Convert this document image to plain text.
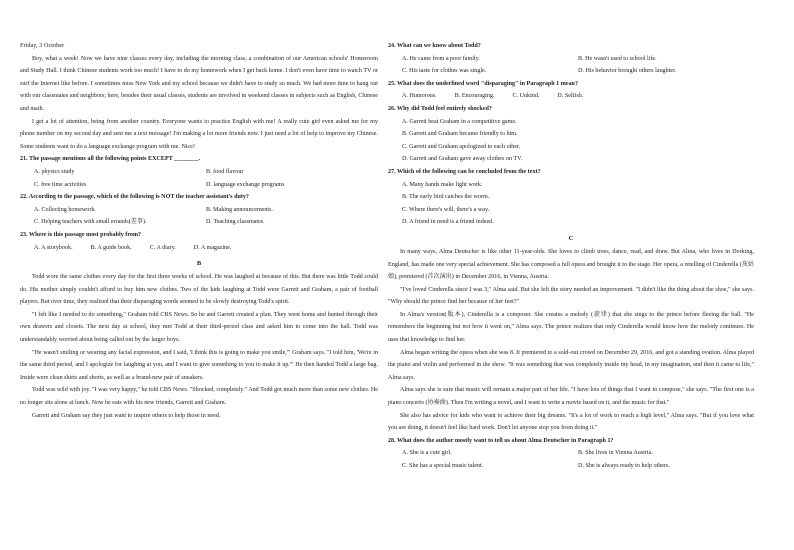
Friday, 3 October

Boy, what a week! Now we have nine classes every day, including the morning class, a combination of our American schools' Homeroom and Study Hall. I think Chinese students work too much! I have to do my homework when I get back home. I don't even have time to watch TV or surf the Internet like before. I sometimes miss New York and my school because we didn't have to study so much. We had more time to hang out with our classmates and neighbors; here, besides their usual classes, students are involved in weekend classes in subjects such as English, Chinese and math.

I get a lot of attention, being from another country. Everyone wants to practice English with me! A really cute girl even asked me for my phone number on my second day and sent me a text message! I'm making a lot more friends now. I just need a lot of help to improve my Chinese. Some students want to do a language exchange program with me. Nice!

21. The passage mentions all the following points EXCEPT ________.

A. physics study	B. food flavour
C. free time activities	D. language exchange programs

22. According to the passage, which of the following is NOT the teacher assistant's duty?

A. Collecting homework.	B. Making announcements.
C. Helping teachers with small errands(差事).	D. Teaching classmates.

23. Where is this passage most probably from?

A. A storybook.	B. A guide book.	C. A diary.	D. A magazine.
B

Todd wore the same clothes every day for the first three weeks of school. He was laughed at because of this. But there was little Todd could do. His mother simply couldn't afford to buy him new clothes. Two of the kids laughing at Todd were Garrett and Graham, a pair of football players. But over time, they realized that their disparaging words seemed to be slowly destroying Todd's spirit.

"I felt like I needed to do something," Graham told CBS News. So he and Garrett created a plan. They went home and hunted through their own drawers and closets. The next day at school, they met Todd at their third-period class and asked him to come into the hall. Todd was understandably worried about being called out by the larger boys.

"He wasn't smiling or wearing any facial expression, and I said, 'I think this is going to make you smile,'" Graham says. "I told him, 'We're in the same third period, and I apologize for laughing at you, and I want to give something to you to make it up.'" He then handed Todd a large bag. Inside were clean shirts and shorts, as well as a brand-new pair of sneakers.

Todd was wild with joy. "I was very happy," he told CBS News. "Shocked, completely." And Todd got much more than some new clothes. He no longer sits alone at lunch. Now he eats with his new friends, Garrett and Graham.

Garrett and Graham say they just want to inspire others to help those in need.

24. What can we know about Todd?

A. He came from a poor family.	B. He wasn't used to school life.
C. His taste for clothes was single.	D. His behavior brought others laughter.

25. What does the underlined word "disparaging" in Paragraph 1 mean?

A. Humorous.	B. Encouraging.	C. Unkind.	D. Selfish.

26. Why did Todd feel entirely shocked?

A. Garrett beat Graham in a competitive game.
B. Garrett and Graham became friendly to him.
C. Garrett and Graham apologized to each other.
D. Garrett and Graham gave away clothes on TV.

27. Which of the following can be concluded from the text?

A. Many hands make light work.
B. The early bird catches the worm.
C. Where there's will, there's a way.
D. A friend in need is a friend indeed.
C

In many ways, Alma Deutscher is like other 11-year-olds. She loves to climb trees, dance, read, and draw. But Alma, who lives in Dorking, England, has made one very special achievement. She has composed a full opera and brought it to the stage. Her opera, a retelling of Cinderella (灰姑娘), premiered (首次演出) in December 2016, in Vienna, Austria.

"I've loved Cinderella since I was 3," Alma said. But she felt the story needed an improvement. "I didn't like the thing about the shoe," she says. "Why should the prince find her because of her feet?"

In Alma's version(版本), Cinderella is a composer. She creates a melody (旋律) that she sings to the prince before fleeing the ball. "He remembers the beginning but not how it went on," Alma says. The prince realizes that only Cinderella would know how the melody continues. He uses that knowledge to find her.

Alma began writing the opera when she was 8. It premiered to a sold-out crowd on December 29, 2016, and got a standing ovation. Alma played the piano and violin and performed in the show. "It was something that was completely inside my head, in my imagination, and then it came to life," Alma says.

Alma says she is sure that music will remain a major part of her life. "I have lots of things that I want to compose," she says. "The first one is a piano concerto (协奏曲). Then I'm writing a novel, and I want to write a movie based on it, and the music for that."

She also has advice for kids who want to achieve their big dreams. "It's a lot of work to reach a high level," Alma says. "But if you love what you are doing, it doesn't feel like hard work. Don't let anyone stop you from doing it."

28. What does the author mostly want to tell us about Alma Deutscher in Paragraph 1?

A. She is a cute girl.	B. She lives in Vienna Austria.
C. She has a special music talent.	D. She is always ready to help others.
